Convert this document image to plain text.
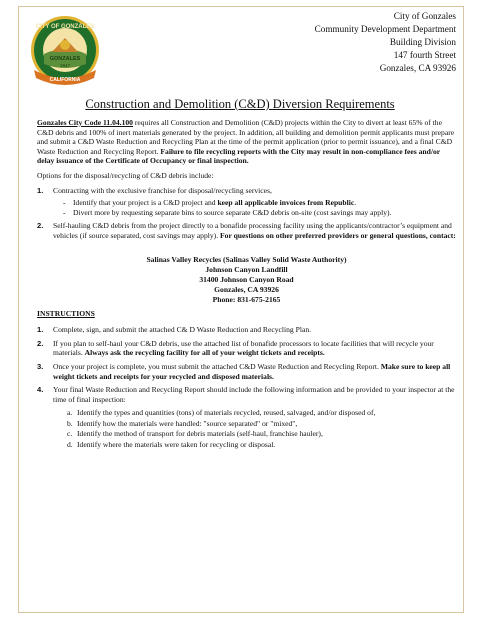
CITY OF GONZALES
GONZALES
1947
CALIFORNIA
City of Gonzales
Community Development Department
Building Division
147 fourth Street
Gonzales, CA 93926
Construction and Demolition (C&D) Diversion Requirements

Gonzales City Code 11.04.100 requires all Construction and Demolition (C&D) projects within the City to divert at least 65% of the C&D debris and 100% of inert materials generated by the project. In addition, all building and demolition permit applicants must prepare and submit a C&D Waste Reduction and Recycling Plan at the time of the permit application (prior to permit issuance), and a final C&D Waste Reduction and Recycling Report. Failure to file recycling reports with the City may result in non-compliance fees and/or delay issuance of the Certificate of Occupancy or final inspection.

Options for the disposal/recycling of C&D debris include:

1.	Contracting with the exclusive franchise for disposal/recycling services,
- Identify that your project is a C&D project and keep all applicable invoices from Republic.
- Divert more by requesting separate bins to source separate C&D debris on-site (cost savings may apply).
2.	Self-hauling C&D debris from the project directly to a bonafide processing facility using the applicants/contractor’s equipment and vehicles (if source separated, cost savings may apply). For questions on other preferred providers or general questions, contact:
Salinas Valley Recycles (Salinas Valley Solid Waste Authority)
Johnson Canyon Landfill
31400 Johnson Canyon Road
Gonzales, CA 93926
Phone: 831-675-2165
INSTRUCTIONS
1.	Complete, sign, and submit the attached C& D Waste Reduction and Recycling Plan.
2.	If you plan to self-haul your C&D debris, use the attached list of bonafide processors to locate facilities that will recycle your materials. Always ask the recycling facility for all of your weight tickets and receipts.
3.	Once your project is complete, you must submit the attached C&D Waste Reduction and Recycling Report. Make sure to keep all weight tickets and receipts for your recycled and disposed materials.
4.	Your final Waste Reduction and Recycling Report should include the following information and be provided to your inspector at the time of final inspection:
a. Identify the types and quantities (tons) of materials recycled, reused, salvaged, and/or disposed of,
b. Identify how the materials were handled: "source separated" or "mixed",
c. Identify the method of transport for debris materials (self-haul, franchise hauler),
d. Identify where the materials were taken for recycling or disposal.
